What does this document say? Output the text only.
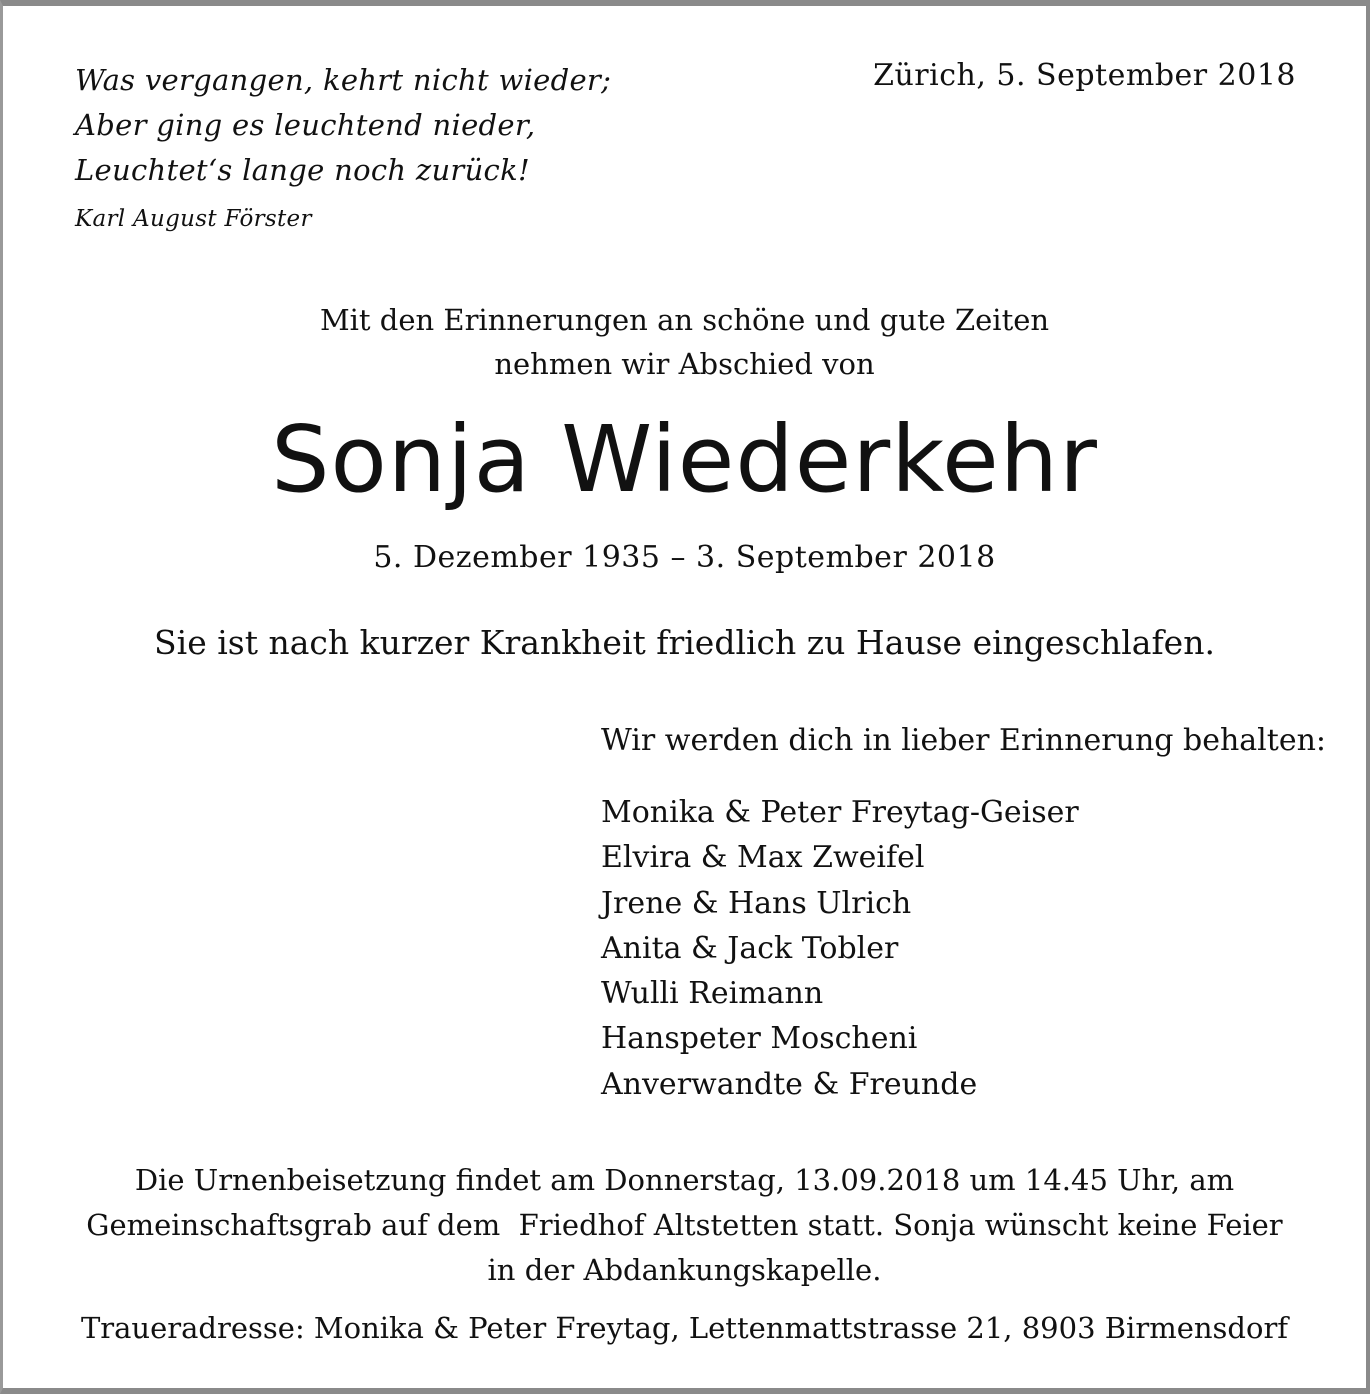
Was vergangen, kehrt nicht wieder;
Aber ging es leuchtend nieder,
Leuchtet‘s lange noch zurück!
Karl August Förster
Zürich, 5. September 2018
Mit den Erinnerungen an schöne und gute Zeiten
nehmen wir Abschied von
Sonja Wiederkehr
5. Dezember 1935 – 3. September 2018
Sie ist nach kurzer Krankheit friedlich zu Hause eingeschlafen.
Wir werden dich in lieber Erinnerung behalten:
Monika & Peter Freytag-Geiser
Elvira & Max Zweifel
Jrene & Hans Ulrich
Anita & Jack Tobler
Wulli Reimann
Hanspeter Moscheni
Anverwandte & Freunde
Die Urnenbeisetzung findet am Donnerstag, 13.09.2018 um 14.45 Uhr, am
Gemeinschaftsgrab auf dem  Friedhof Altstetten statt. Sonja wünscht keine Feier
in der Abdankungskapelle.
Traueradresse: Monika & Peter Freytag, Lettenmattstrasse 21, 8903 Birmensdorf
